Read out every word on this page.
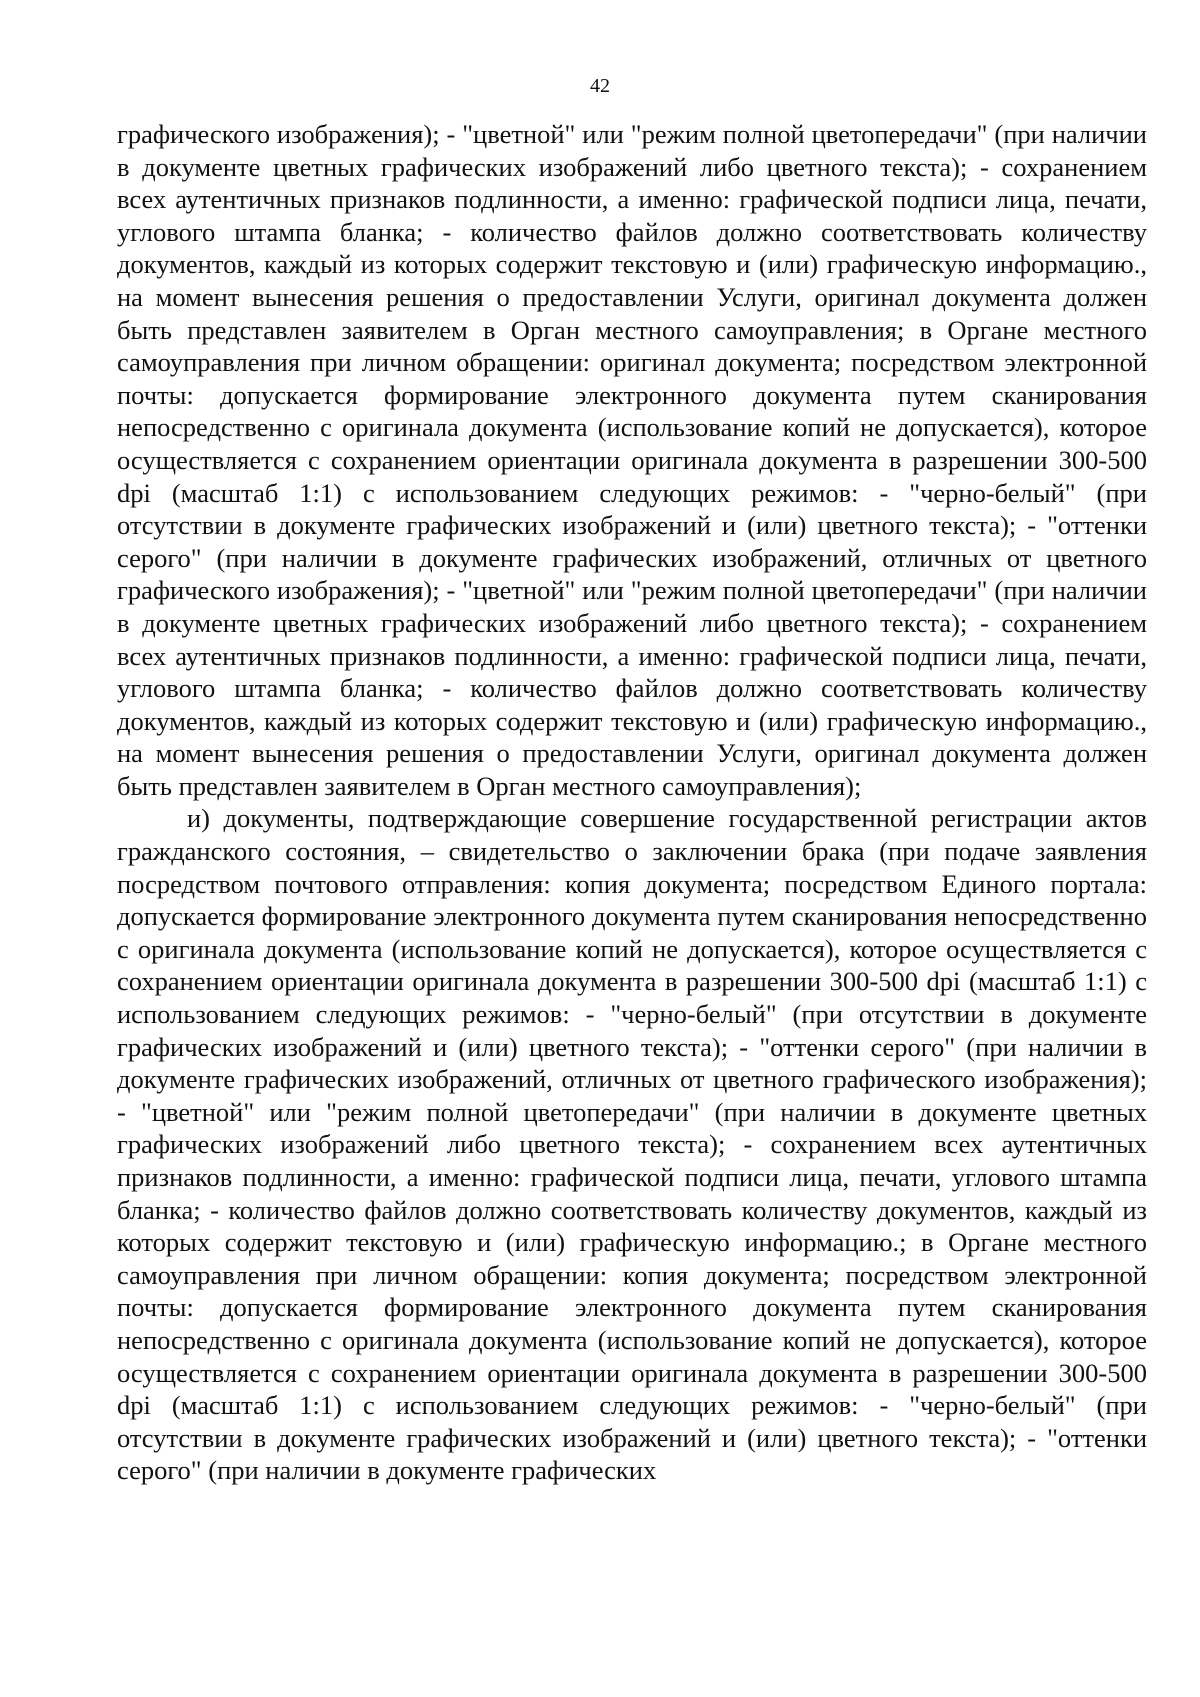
42

графического изображения); - "цветной" или "режим полной цветопередачи" (при наличии в документе цветных графических изображений либо цветного текста); - сохранением всех аутентичных признаков подлинности, а именно: графической подписи лица, печати, углового штампа бланка; - количество файлов должно соответствовать количеству документов, каждый из которых содержит текстовую и (или) графическую информацию., на момент вынесения решения о предоставлении Услуги, оригинал документа должен быть представлен заявителем в Орган местного самоуправления; в Органе местного самоуправления при личном обращении: оригинал документа; посредством электронной почты: допускается формирование электронного документа путем сканирования непосредственно с оригинала документа (использование копий не допускается), которое осуществляется с сохранением ориентации оригинала документа в разрешении 300-500 dpi (масштаб 1:1) с использованием следующих режимов: - "черно-белый" (при отсутствии в документе графических изображений и (или) цветного текста); - "оттенки серого" (при наличии в документе графических изображений, отличных от цветного графического изображения); - "цветной" или "режим полной цветопередачи" (при наличии в документе цветных графических изображений либо цветного текста); - сохранением всех аутентичных признаков подлинности, а именно: графической подписи лица, печати, углового штампа бланка; - количество файлов должно соответствовать количеству документов, каждый из которых содержит текстовую и (или) графическую информацию., на момент вынесения решения о предоставлении Услуги, оригинал документа должен быть представлен заявителем в Орган местного самоуправления);

и) документы, подтверждающие совершение государственной регистрации актов гражданского состояния, – свидетельство о заключении брака (при подаче заявления посредством почтового отправления: копия документа; посредством Единого портала: допускается формирование электронного документа путем сканирования непосредственно с оригинала документа (использование копий не допускается), которое осуществляется с сохранением ориентации оригинала документа в разрешении 300-500 dpi (масштаб 1:1) с использованием следующих режимов: - "черно-белый" (при отсутствии в документе графических изображений и (или) цветного текста); - "оттенки серого" (при наличии в документе графических изображений, отличных от цветного графического изображения); - "цветной" или "режим полной цветопередачи" (при наличии в документе цветных графических изображений либо цветного текста); - сохранением всех аутентичных признаков подлинности, а именно: графической подписи лица, печати, углового штампа бланка; - количество файлов должно соответствовать количеству документов, каждый из которых содержит текстовую и (или) графическую информацию.; в Органе местного самоуправления при личном обращении: копия документа; посредством электронной почты: допускается формирование электронного документа путем сканирования непосредственно с оригинала документа (использование копий не допускается), которое осуществляется с сохранением ориентации оригинала документа в разрешении 300-500 dpi (масштаб 1:1) с использованием следующих режимов: - "черно-белый" (при отсутствии в документе графических изображений и (или) цветного текста); - "оттенки серого" (при наличии в документе графических
